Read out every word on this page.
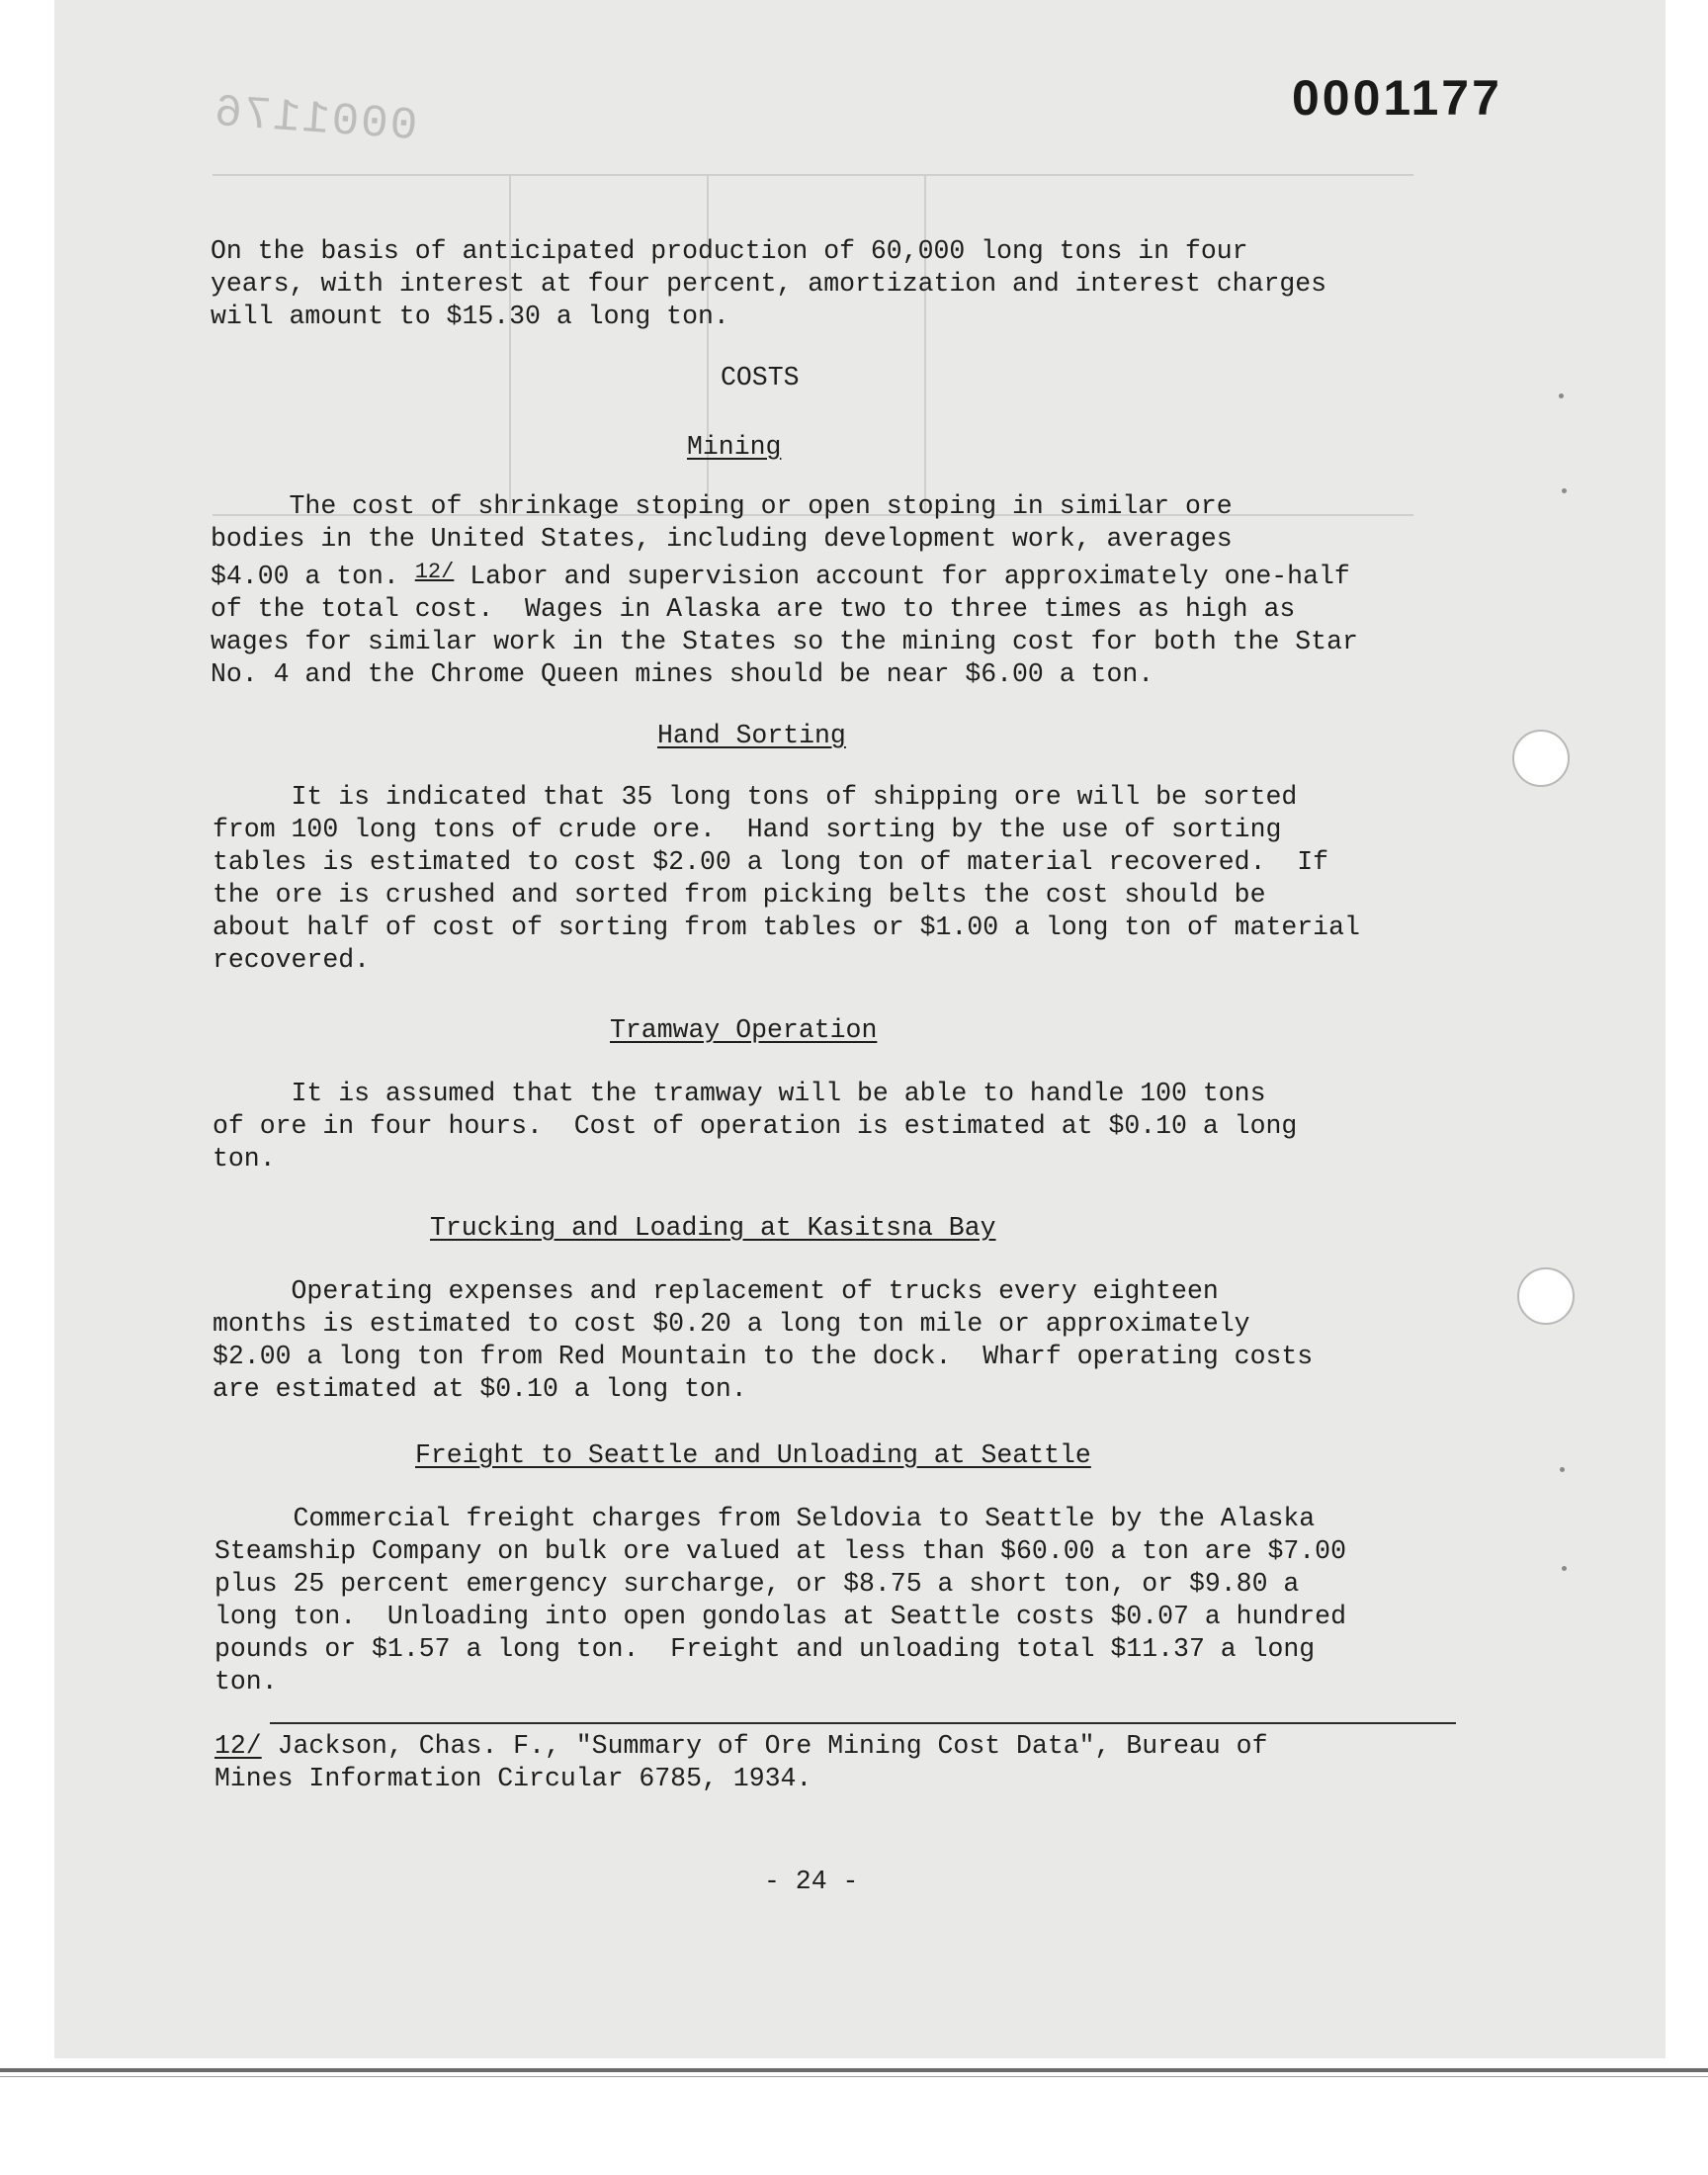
0001176	0001177
On the basis of anticipated production of 60,000 long tons in four
years, with interest at four percent, amortization and interest charges
will amount to $15.30 a long ton.
COSTS
Mining
The cost of shrinkage stoping or open stoping in similar ore
bodies in the United States, including development work, averages
$4.00 a ton. $^{12/}$ Labor and supervision account for approximately one-half
of the total cost.  Wages in Alaska are two to three times as high as
wages for similar work in the States so the mining cost for both the Star
No. 4 and the Chrome Queen mines should be near $6.00 a ton.
Hand Sorting
It is indicated that 35 long tons of shipping ore will be sorted
from 100 long tons of crude ore.  Hand sorting by the use of sorting
tables is estimated to cost $2.00 a long ton of material recovered.  If
the ore is crushed and sorted from picking belts the cost should be
about half of cost of sorting from tables or $1.00 a long ton of material
recovered.
Tramway Operation
It is assumed that the tramway will be able to handle 100 tons
of ore in four hours.  Cost of operation is estimated at $0.10 a long
ton.
Trucking and Loading at Kasitsna Bay
Operating expenses and replacement of trucks every eighteen
months is estimated to cost $0.20 a long ton mile or approximately
$2.00 a long ton from Red Mountain to the dock.  Wharf operating costs
are estimated at $0.10 a long ton.
Freight to Seattle and Unloading at Seattle
Commercial freight charges from Seldovia to Seattle by the Alaska
Steamship Company on bulk ore valued at less than $60.00 a ton are $7.00
plus 25 percent emergency surcharge, or $8.75 a short ton, or $9.80 a
long ton.  Unloading into open gondolas at Seattle costs $0.07 a hundred
pounds or $1.57 a long ton.  Freight and unloading total $11.37 a long
ton.
12/ Jackson, Chas. F., "Summary of Ore Mining Cost Data", Bureau of
Mines Information Circular 6785, 1934.
- 24 -
